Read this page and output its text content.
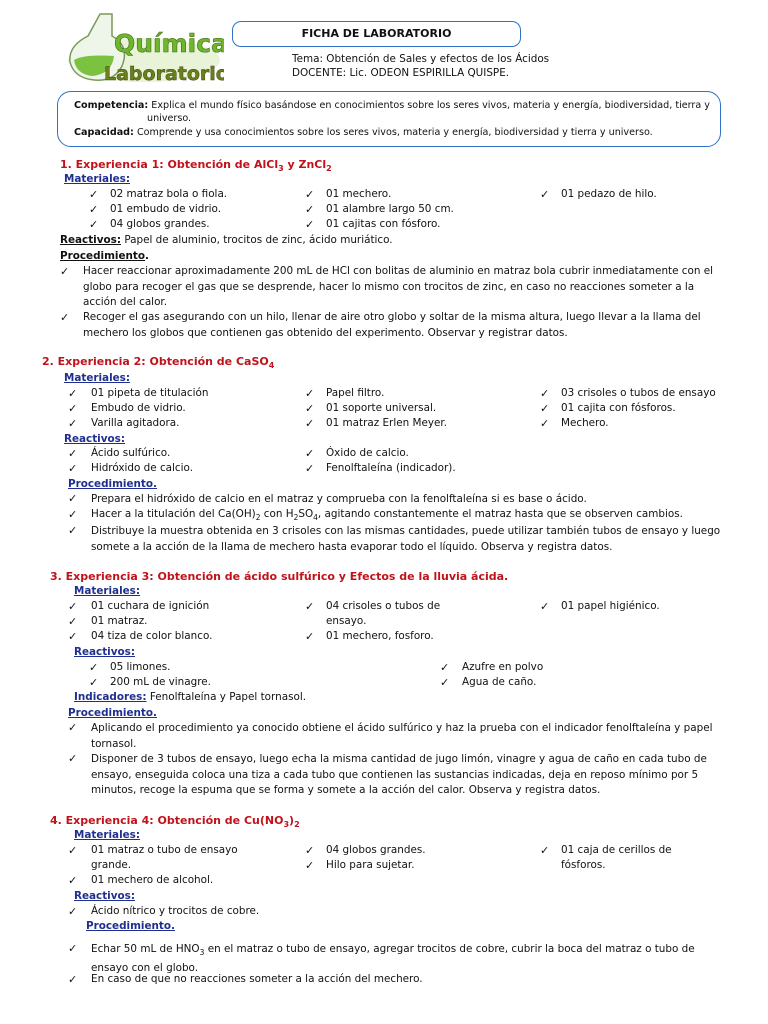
Química
Laboratorio
FICHA DE LABORATORIO
Tema: Obtención de Sales y efectos de los Ácidos
DOCENTE: Lic. ODEON ESPIRILLA QUISPE.
Competencia: Explica el mundo físico basándose en conocimientos sobre los seres vivos, materia y energía, biodiversidad, tierra y
universo.
Capacidad: Comprende y usa conocimientos sobre los seres vivos, materia y energía, biodiversidad y tierra y universo.
1. Experiencia 1: Obtención de AlCl$_3$ y ZnCl$_2$
Materiales:
✓ 02 matraz bola o fiola.
✓ 01 embudo de vidrio.
✓ 04 globos grandes.
✓ 01 mechero.
✓ 01 alambre largo 50 cm.
✓ 01 cajitas con fósforo.
✓ 01 pedazo de hilo.
Reactivos: Papel de aluminio, trocitos de zinc, ácido muriático.
Procedimiento.
✓ Hacer reaccionar aproximadamente 200 mL de HCl con bolitas de aluminio en matraz bola cubrir inmediatamente con el globo para recoger el gas que se desprende, hacer lo mismo con trocitos de zinc, en caso no reacciones someter a la acción del calor.
✓ Recoger el gas asegurando con un hilo, llenar de aire otro globo y soltar de la misma altura, luego llevar a la llama del mechero los globos que contienen gas obtenido del experimento. Observar y registrar datos.
2. Experiencia 2: Obtención de CaSO$_4$
Materiales:
✓ 01 pipeta de titulación
✓ Embudo de vidrio.
✓ Varilla agitadora.
✓ Papel filtro.
✓ 01 soporte universal.
✓ 01 matraz Erlen Meyer.
✓ 03 crisoles o tubos de ensayo
✓ 01 cajita con fósforos.
✓ Mechero.
Reactivos:
✓ Ácido sulfúrico.
✓ Hidróxido de calcio.
✓ Óxido de calcio.
✓ Fenolftaleína (indicador).
Procedimiento.
✓ Prepara el hidróxido de calcio en el matraz y comprueba con la fenolftaleína si es base o ácido.
✓ Hacer a la titulación del $Ca(OH)_2$ con $H_2SO_4$, agitando constantemente el matraz hasta que se observen cambios.
✓ Distribuye la muestra obtenida en 3 crisoles con las mismas cantidades, puede utilizar también tubos de ensayo y luego somete a la acción de la llama de mechero hasta evaporar todo el líquido. Observa y registra datos.
3. Experiencia 3: Obtención de ácido sulfúrico y Efectos de la lluvia ácida.
Materiales:
✓ 01 cuchara de ignición
✓ 01 matraz.
✓ 04 tiza de color blanco.
✓ 04 crisoles o tubos de
ensayo.
✓ 01 mechero, fosforo.
✓ 01 papel higiénico.
Reactivos:
✓ 05 limones.
✓ 200 mL de vinagre.
✓ Azufre en polvo
✓ Agua de caño.
Indicadores: Fenolftaleína y Papel tornasol.
Procedimiento.
✓ Aplicando el procedimiento ya conocido obtiene el ácido sulfúrico y haz la prueba con el indicador fenolftaleína y papel tornasol.
✓ Disponer de 3 tubos de ensayo, luego echa la misma cantidad de jugo limón, vinagre y agua de caño en cada tubo de ensayo, enseguida coloca una tiza a cada tubo que contienen las sustancias indicadas, deja en reposo mínimo por 5 minutos, recoge la espuma que se forma y somete a la acción del calor. Observa y registra datos.
4. Experiencia 4: Obtención de $Cu(NO_3)_2$
Materiales:
✓ 01 matraz o tubo de ensayo
grande.
✓ 01 mechero de alcohol.
✓ 04 globos grandes.
✓ Hilo para sujetar.
✓ 01 caja de cerillos de
fósforos.
Reactivos:
✓ Ácido nítrico y trocitos de cobre.
Procedimiento.
✓ Echar 50 mL de $HNO_3$ en el matraz o tubo de ensayo, agregar trocitos de cobre, cubrir la boca del matraz o tubo de ensayo con el globo.
✓ En caso de que no reacciones someter a la acción del mechero.
